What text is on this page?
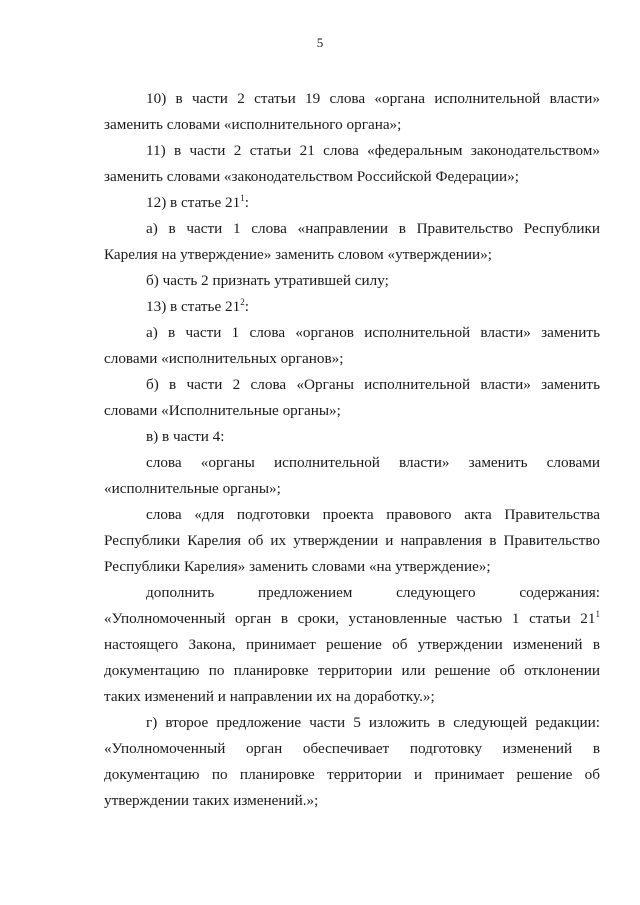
5

10) в части 2 статьи 19 слова «органа исполнительной власти» заменить словами «исполнительного органа»;

11) в части 2 статьи 21 слова «федеральным законодательством» заменить словами «законодательством Российской Федерации»;

12) в статье $21^1$:

а) в части 1 слова «направлении в Правительство Республики Карелия на утверждение» заменить словом «утверждении»;

б) часть 2 признать утратившей силу;

13) в статье $21^2$:

а) в части 1 слова «органов исполнительной власти» заменить словами «исполнительных органов»;

б) в части 2 слова «Органы исполнительной власти» заменить словами «Исполнительные органы»;

в) в части 4:

слова «органы исполнительной власти» заменить словами «исполнительные органы»;

слова «для подготовки проекта правового акта Правительства Республики Карелия об их утверждении и направления в Правительство Республики Карелия» заменить словами «на утверждение»;

дополнить предложением следующего содержания: «Уполномоченный орган в сроки, установленные частью 1 статьи $21^1$ настоящего Закона, принимает решение об утверждении изменений в документацию по планировке территории или решение об отклонении таких изменений и направлении их на доработку.»;

г) второе предложение части 5 изложить в следующей редакции: «Уполномоченный орган обеспечивает подготовку изменений в документацию по планировке территории и принимает решение об утверждении таких изменений.»;
